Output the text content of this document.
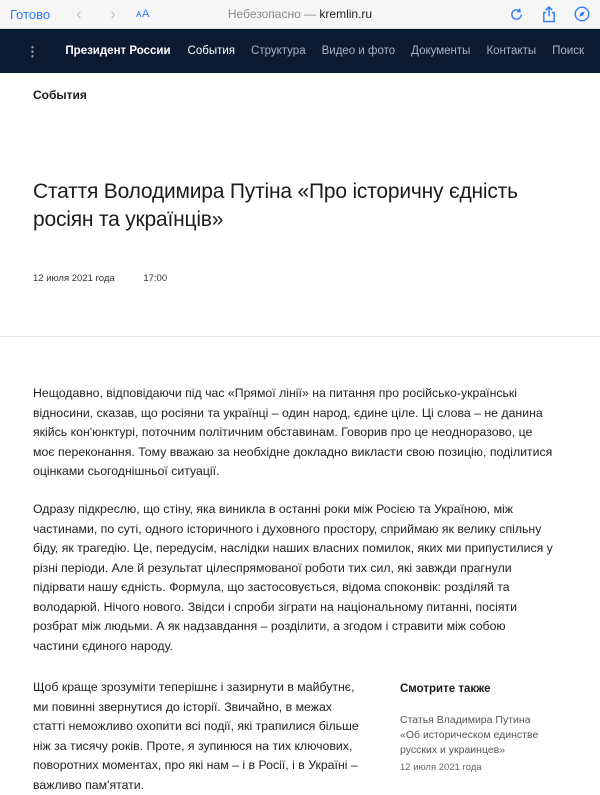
Готово	‹	›	ᴀA	Небезопасно — kremlin.ru
Президент России События Структура Видео и фото Документы Контакты Поиск
События
Стаття Володимира Путіна «Про історичну єдність росіян та українців»
12 июля 2021 года	17:00

Нещодавно, відповідаючи під час «Прямої лінії» на питання про російсько-українські відносини, сказав, що росіяни та українці – один народ, єдине ціле. Ці слова – не данина якійсь кон'юнктурі, поточним політичним обставинам. Говорив про це неодноразово, це моє переконання. Тому вважаю за необхідне докладно викласти свою позицію, поділитися оцінками сьогоднішньої ситуації.

Одразу підкреслю, що стіну, яка виникла в останні роки між Росією та Україною, між частинами, по суті, одного історичного і духовного простору, сприймаю як велику спільну біду, як трагедію. Це, передусім, наслідки наших власних помилок, яких ми припустилися у різні періоди. Але й результат цілеспрямованої роботи тих сил, які завжди прагнули підірвати нашу єдність. Формула, що застосовується, відома споконвік: розділяй та володарюй. Нічого нового. Звідси і спроби зіграти на національному питанні, посіяти розбрат між людьми. А як надзавдання – розділити, а згодом і стравити між собою частини єдиного народу.

Щоб краще зрозуміти теперішнє і зазирнути в майбутнє, ми повинні звернутися до історії. Звичайно, в межах статті неможливо охопити всі події, які трапилися більше ніж за тисячу років. Проте, я зупинюся на тих ключових, поворотних моментах, про які нам – і в Росії, і в Україні – важливо пам'ятати.

Смотрите также
Статья Владимира Путина «Об историческом единстве русских и украинцев»
12 июля 2021 года
